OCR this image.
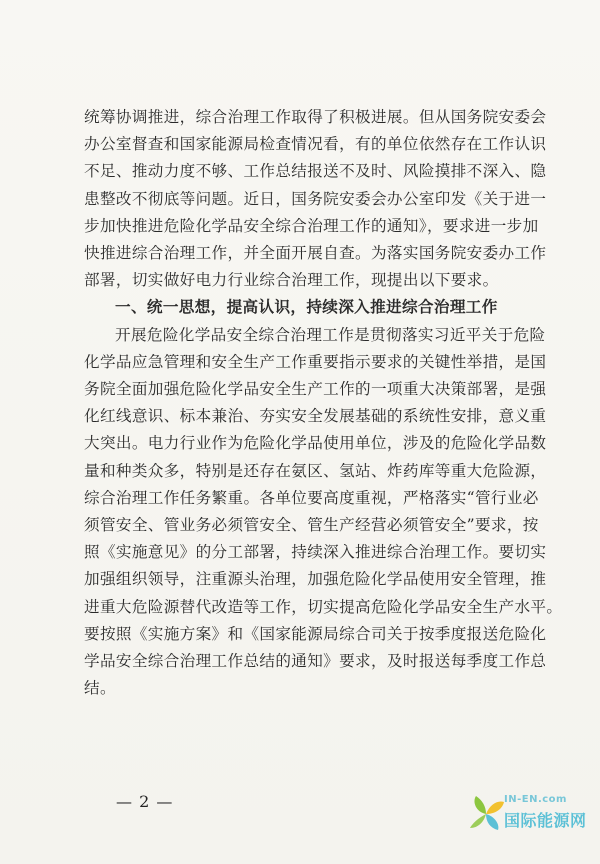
统筹协调推进，综合治理工作取得了积极进展。但从国务院安委会
办公室督查和国家能源局检查情况看，有的单位依然存在工作认识
不足、推动力度不够、工作总结报送不及时、风险摸排不深入、隐
患整改不彻底等问题。近日，国务院安委会办公室印发《关于进一
步加快推进危险化学品安全综合治理工作的通知》，要求进一步加
快推进综合治理工作，并全面开展自查。为落实国务院安委办工作
部署，切实做好电力行业综合治理工作，现提出以下要求。

一、统一思想，提高认识，持续深入推进综合治理工作

开展危险化学品安全综合治理工作是贯彻落实习近平关于危险
化学品应急管理和安全生产工作重要指示要求的关键性举措，是国
务院全面加强危险化学品安全生产工作的一项重大决策部署，是强
化红线意识、标本兼治、夯实安全发展基础的系统性安排，意义重
大突出。电力行业作为危险化学品使用单位，涉及的危险化学品数
量和种类众多，特别是还存在氨区、氢站、炸药库等重大危险源，
综合治理工作任务繁重。各单位要高度重视，严格落实“管行业必
须管安全、管业务必须管安全、管生产经营必须管安全”要求，按
照《实施意见》的分工部署，持续深入推进综合治理工作。要切实
加强组织领导，注重源头治理，加强危险化学品使用安全管理，推
进重大危险源替代改造等工作，切实提高危险化学品安全生产水平。
要按照《实施方案》和《国家能源局综合司关于按季度报送危险化
学品安全综合治理工作总结的通知》要求，及时报送每季度工作总
结。

— 2 —	IN-EN.com
国际能源网
